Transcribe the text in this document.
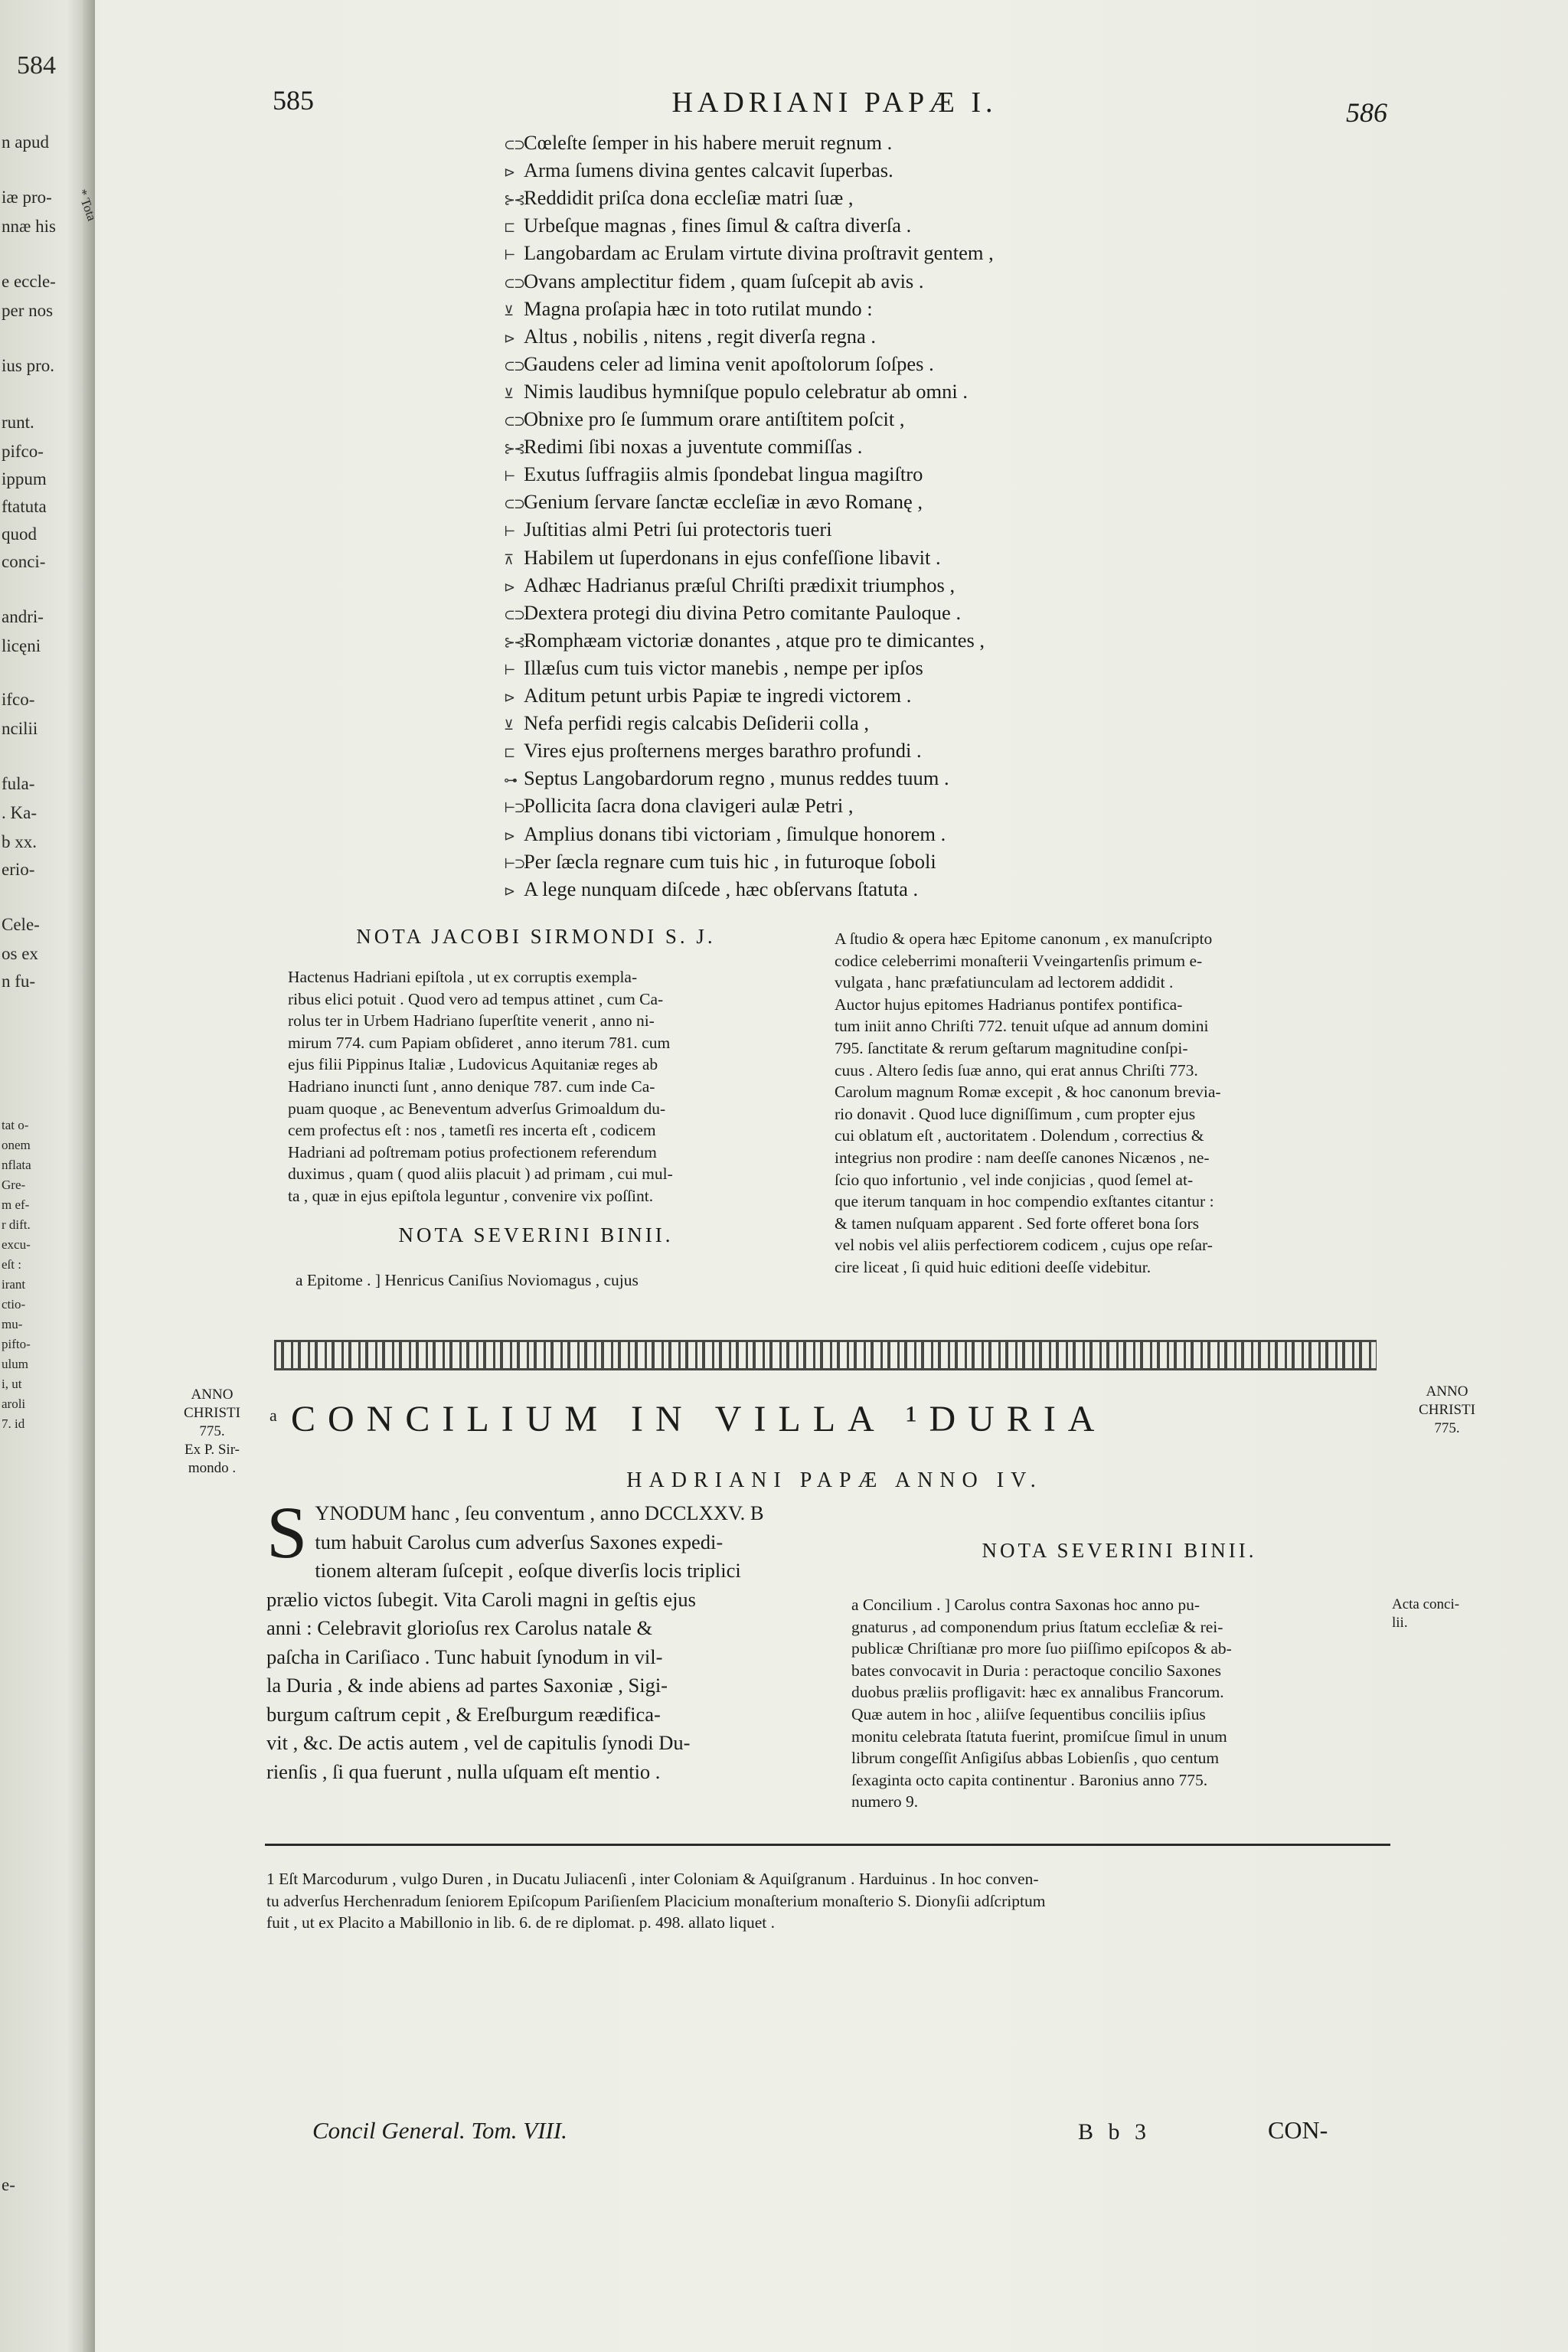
584
n apud
iæ pro-
nnæ his
e eccle-
per nos
ius pro.
runt.
pifco-
ippum
ftatuta
quod
conci-
andri-
licęni
ifco-
ncilii
fula-
. Ka-
b xx.
erio-
Cele-
os ex
n fu-
e-
tat o-
onem
nflata
Gre-
m ef-
r dift.
excu-
eſt :
irant
ctio-
mu-
pifto-
ulum
i, ut
aroli
7. id
* Tota
585	HADRIANI PAPÆ I.	586
⊂⊃Cœleſte ſemper in his habere meruit regnum .
⊳ Arma ſumens divina gentes calcavit ſuperbas.
⊱⊰Reddidit priſca dona eccleſiæ matri ſuæ ,
⊏ Urbeſque magnas , fines ſimul & caſtra diverſa .
⊢ Langobardam ac Erulam virtute divina proſtravit gentem ,
⊂⊃Ovans amplectitur fidem , quam ſuſcepit ab avis .
⊻ Magna proſapia hæc in toto rutilat mundo :
⊳ Altus , nobilis , nitens , regit diverſa regna .
⊂⊃Gaudens celer ad limina venit apoſtolorum ſoſpes .
⊻ Nimis laudibus hymniſque populo celebratur ab omni .
⊂⊃Obnixe pro ſe ſummum orare antiſtitem poſcit ,
⊱⊰Redimi ſibi noxas a juventute commiſſas .
⊢ Exutus ſuffragiis almis ſpondebat lingua magiſtro
⊂⊃Genium ſervare ſanctæ eccleſiæ in ævo Romanę ,
⊢ Juſtitias almi Petri ſui protectoris tueri
⊼ Habilem ut ſuperdonans in ejus confeſſione libavit .
⊳ Adhæc Hadrianus præſul Chriſti prædixit triumphos ,
⊂⊃Dextera protegi diu divina Petro comitante Pauloque .
⊱⊰Romphæam victoriæ donantes , atque pro te dimicantes ,
⊢ Illæſus cum tuis victor manebis , nempe per ipſos
⊳ Aditum petunt urbis Papiæ te ingredi victorem .
⊻ Nefa perfidi regis calcabis Deſiderii colla ,
⊏ Vires ejus proſternens merges barathro profundi .
⊶ Septus Langobardorum regno , munus reddes tuum .
⊢⊃Pollicita ſacra dona clavigeri aulæ Petri ,
⊳ Amplius donans tibi victoriam , ſimulque honorem .
⊢⊃Per ſæcla regnare cum tuis hic , in futuroque ſoboli
⊳ A lege nunquam diſcede , hæc obſervans ſtatuta .
NOTA JACOBI SIRMONDI S. J.
Hactenus Hadriani epiſtola , ut ex corruptis exempla-
ribus elici potuit . Quod vero ad tempus attinet , cum Ca-
rolus ter in Urbem Hadriano ſuperſtite venerit , anno ni-
mirum 774. cum Papiam obſideret , anno iterum 781. cum
ejus filii Pippinus Italiæ , Ludovicus Aquitaniæ reges ab
Hadriano inuncti ſunt , anno denique 787. cum inde Ca-
puam quoque , ac Beneventum adverſus Grimoaldum du-
cem profectus eſt : nos , tametſi res incerta eſt , codicem
Hadriani ad poſtremam potius profectionem referendum
duximus , quam ( quod aliis placuit ) ad primam , cui mul-
ta , quæ in ejus epiſtola leguntur , convenire vix poſſint.
NOTA SEVERINI BINII.
a Epitome . ] Henricus Caniſius Noviomagus , cujus
A ſtudio & opera hæc Epitome canonum , ex manuſcripto
codice celeberrimi monaſterii Vveingartenſis primum e-
vulgata , hanc præfatiunculam ad lectorem addidit .
Auctor hujus epitomes Hadrianus pontifex pontifica-
tum iniit anno Chriſti 772. tenuit uſque ad annum domini
795. ſanctitate & rerum geſtarum magnitudine conſpi-
cuus . Altero ſedis ſuæ anno, qui erat annus Chriſti 773.
Carolum magnum Romæ excepit , & hoc canonum brevia-
rio donavit . Quod luce digniſſimum , cum propter ejus
cui oblatum eſt , auctoritatem . Dolendum , correctius &
integrius non prodire : nam deeſſe canones Nicænos , ne-
ſcio quo infortunio , vel inde conjicias , quod ſemel at-
que iterum tanquam in hoc compendio exſtantes citantur :
& tamen nuſquam apparent . Sed forte offeret bona ſors
vel nobis vel aliis perfectiorem codicem , cujus ope reſar-
cire liceat , ſi quid huic editioni deeſſe videbitur.
ANNO
CHRISTI
775.
Ex P. Sir-
mondo .
a CONCILIUM IN VILLA ¹DURIA
HADRIANI PAPÆ ANNO IV.
ANNO
CHRISTI
775.
S YNODUM hanc , ſeu conventum , anno DCCLXXV. B
tum habuit Carolus cum adverſus Saxones expedi-
tionem alteram ſuſcepit , eoſque diverſis locis triplici
prælio victos ſubegit. Vita Caroli magni in geſtis ejus
anni : Celebravit glorioſus rex Carolus natale &
paſcha in Cariſiaco . Tunc habuit ſynodum in vil-
la Duria , & inde abiens ad partes Saxoniæ , Sigi-
burgum caſtrum cepit , & Ereſburgum reædifica-
vit , &c. De actis autem , vel de capitulis ſynodi Du-
rienſis , ſi qua fuerunt , nulla uſquam eſt mentio .
NOTA SEVERINI BINII.
a Concilium . ] Carolus contra Saxonas hoc anno pu-
gnaturus , ad componendum prius ſtatum eccleſiæ & rei-
publicæ Chriſtianæ pro more ſuo piiſſimo epiſcopos & ab-
bates convocavit in Duria : peractoque concilio Saxones
duobus præliis profligavit: hæc ex annalibus Francorum.
Quæ autem in hoc , aliiſve ſequentibus conciliis ipſius
monitu celebrata ſtatuta fuerint, promiſcue ſimul in unum
librum congeſſit Anſigiſus abbas Lobienſis , quo centum
ſexaginta octo capita continentur . Baronius anno 775.
numero 9.
Acta conci- lii.
1 Eſt Marcodurum , vulgo Duren , in Ducatu Juliacenſi , inter Coloniam & Aquiſgranum . Harduinus . In hoc conven-
tu adverſus Herchenradum ſeniorem Epiſcopum Pariſienſem Placicium monaſterium monaſterio S. Dionyſii adſcriptum
fuit , ut ex Placito a Mabillonio in lib. 6. de re diplomat. p. 498. allato liquet .
Concil General. Tom. VIII.	B b 3	CON-
